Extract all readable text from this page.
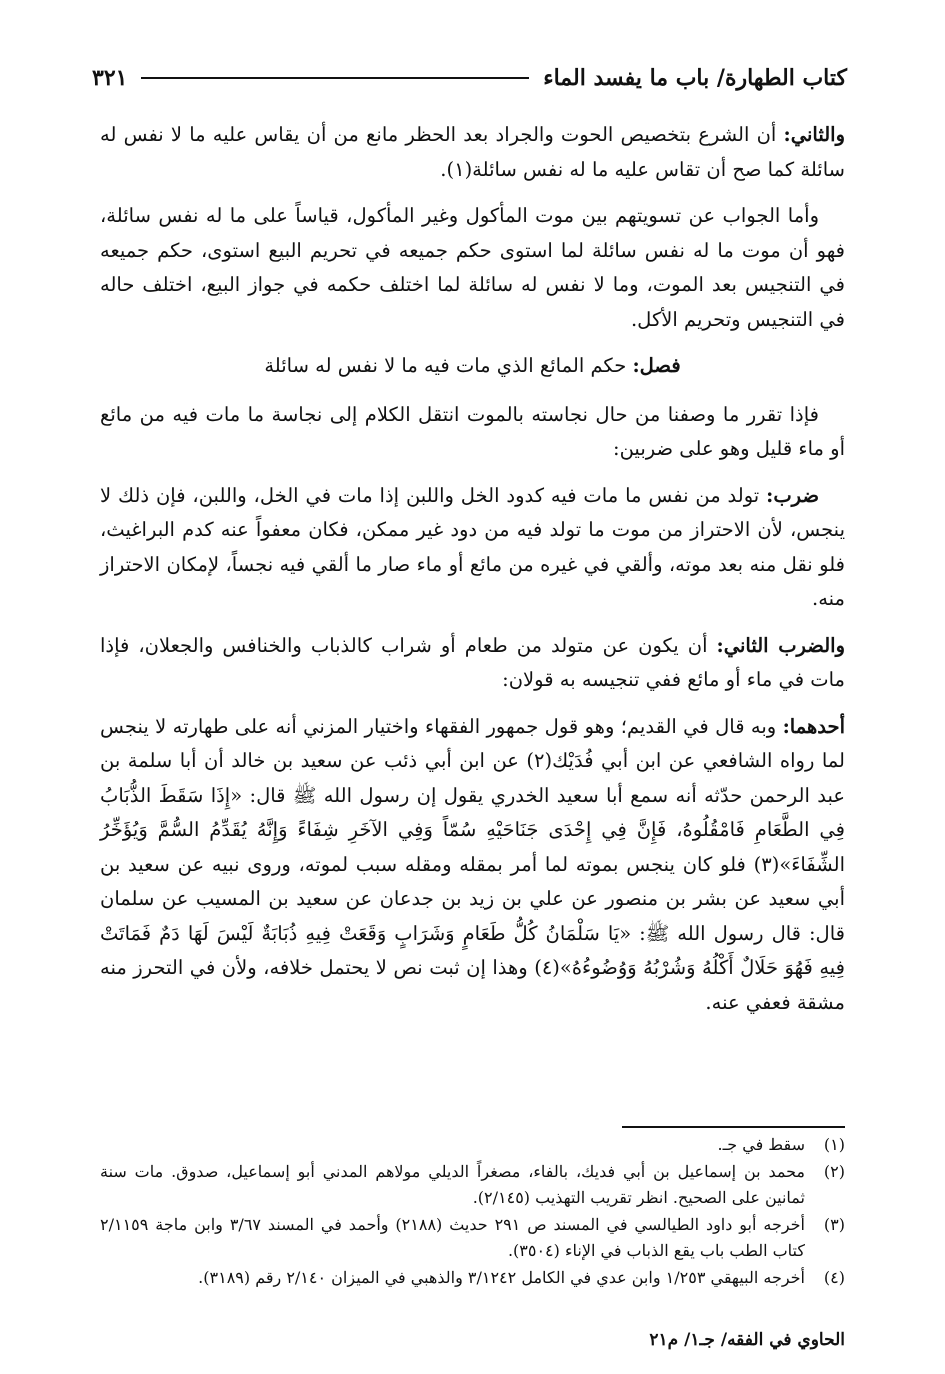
كتاب الطهارة/ باب ما يفسد الماء
٣٢١

والثاني: أن الشرع بتخصيص الحوت والجراد بعد الحظر مانع من أن يقاس عليه ما لا نفس له سائلة كما صح أن تقاس عليه ما له نفس سائلة(١).

وأما الجواب عن تسويتهم بين موت المأكول وغير المأكول، قياساً على ما له نفس سائلة، فهو أن موت ما له نفس سائلة لما استوى حكم جميعه في تحريم البيع استوى، حكم جميعه في التنجيس بعد الموت، وما لا نفس له سائلة لما اختلف حكمه في جواز البيع، اختلف حاله في التنجيس وتحريم الأكل.

فصل: حكم المائع الذي مات فيه ما لا نفس له سائلة

فإذا تقرر ما وصفنا من حال نجاسته بالموت انتقل الكلام إلى نجاسة ما مات فيه من مائع أو ماء قليل وهو على ضربين:

ضرب: تولد من نفس ما مات فيه كدود الخل واللبن إذا مات في الخل، واللبن، فإن ذلك لا ينجس، لأن الاحتراز من موت ما تولد فيه من دود غير ممكن، فكان معفواً عنه كدم البراغيث، فلو نقل منه بعد موته، وألقي في غيره من مائع أو ماء صار ما ألقي فيه نجساً، لإمكان الاحتراز منه.

والضرب الثاني: أن يكون عن متولد من طعام أو شراب كالذباب والخنافس والجعلان، فإذا مات في ماء أو مائع ففي تنجيسه به قولان:

أحدهما: وبه قال في القديم؛ وهو قول جمهور الفقهاء واختيار المزني أنه على طهارته لا ينجس لما رواه الشافعي عن ابن أبي فُدَيْك(٢) عن ابن أبي ذئب عن سعيد بن خالد أن أبا سلمة بن عبد الرحمن حدّثه أنه سمع أبا سعيد الخدري يقول إن رسول الله ﷺ قال: «إِذَا سَقَطَ الذُّبَابُ فِي الطَّعَامِ فَامْقُلُوهُ، فَإِنَّ فِي إِحْدَى جَنَاحَيْهِ سُمّاً وَفِي الآخَرِ شِفَاءً وَإِنَّهُ يُقَدِّمُ السُّمَّ وَيُؤَخِّرُ الشِّفَاءَ»(٣) فلو كان ينجس بموته لما أمر بمقله ومقله سبب لموته، وروى نبيه عن سعيد بن أبي سعيد عن بشر بن منصور عن علي بن زيد بن جدعان عن سعيد بن المسيب عن سلمان قال: قال رسول الله ﷺ: «يَا سَلْمَانُ كُلُّ طَعَامٍ وَشَرَابٍ وَقَعَتْ فِيهِ ذُبَابَةٌ لَيْسَ لَهَا دَمٌ فَمَاتَتْ فِيهِ فَهُوَ حَلَالٌ أَكْلُهُ وَشُرْبُهُ وَوُضُوءُهُ»(٤) وهذا إن ثبت نص لا يحتمل خلافه، ولأن في التحرز منه مشقة فعفي عنه.

(١)
سقط في جـ.
(٢)
محمد بن إسماعيل بن أبي فديك، بالفاء، مصغراً الديلي مولاهم المدني أبو إسماعيل، صدوق. مات سنة ثمانين على الصحيح. انظر تقريب التهذيب (٢/١٤٥).
(٣)
أخرجه أبو داود الطيالسي في المسند ص ٢٩١ حديث (٢١٨٨) وأحمد في المسند ٣/٦٧ وابن ماجة ٢/١١٥٩ كتاب الطب باب يقع الذباب في الإناء (٣٥٠٤).
(٤)
أخرجه البيهقي ١/٢٥٣ وابن عدي في الكامل ٣/١٢٤٢ والذهبي في الميزان ٢/١٤٠ رقم (٣١٨٩).
الحاوي في الفقه/ جـ١/ م٢١
